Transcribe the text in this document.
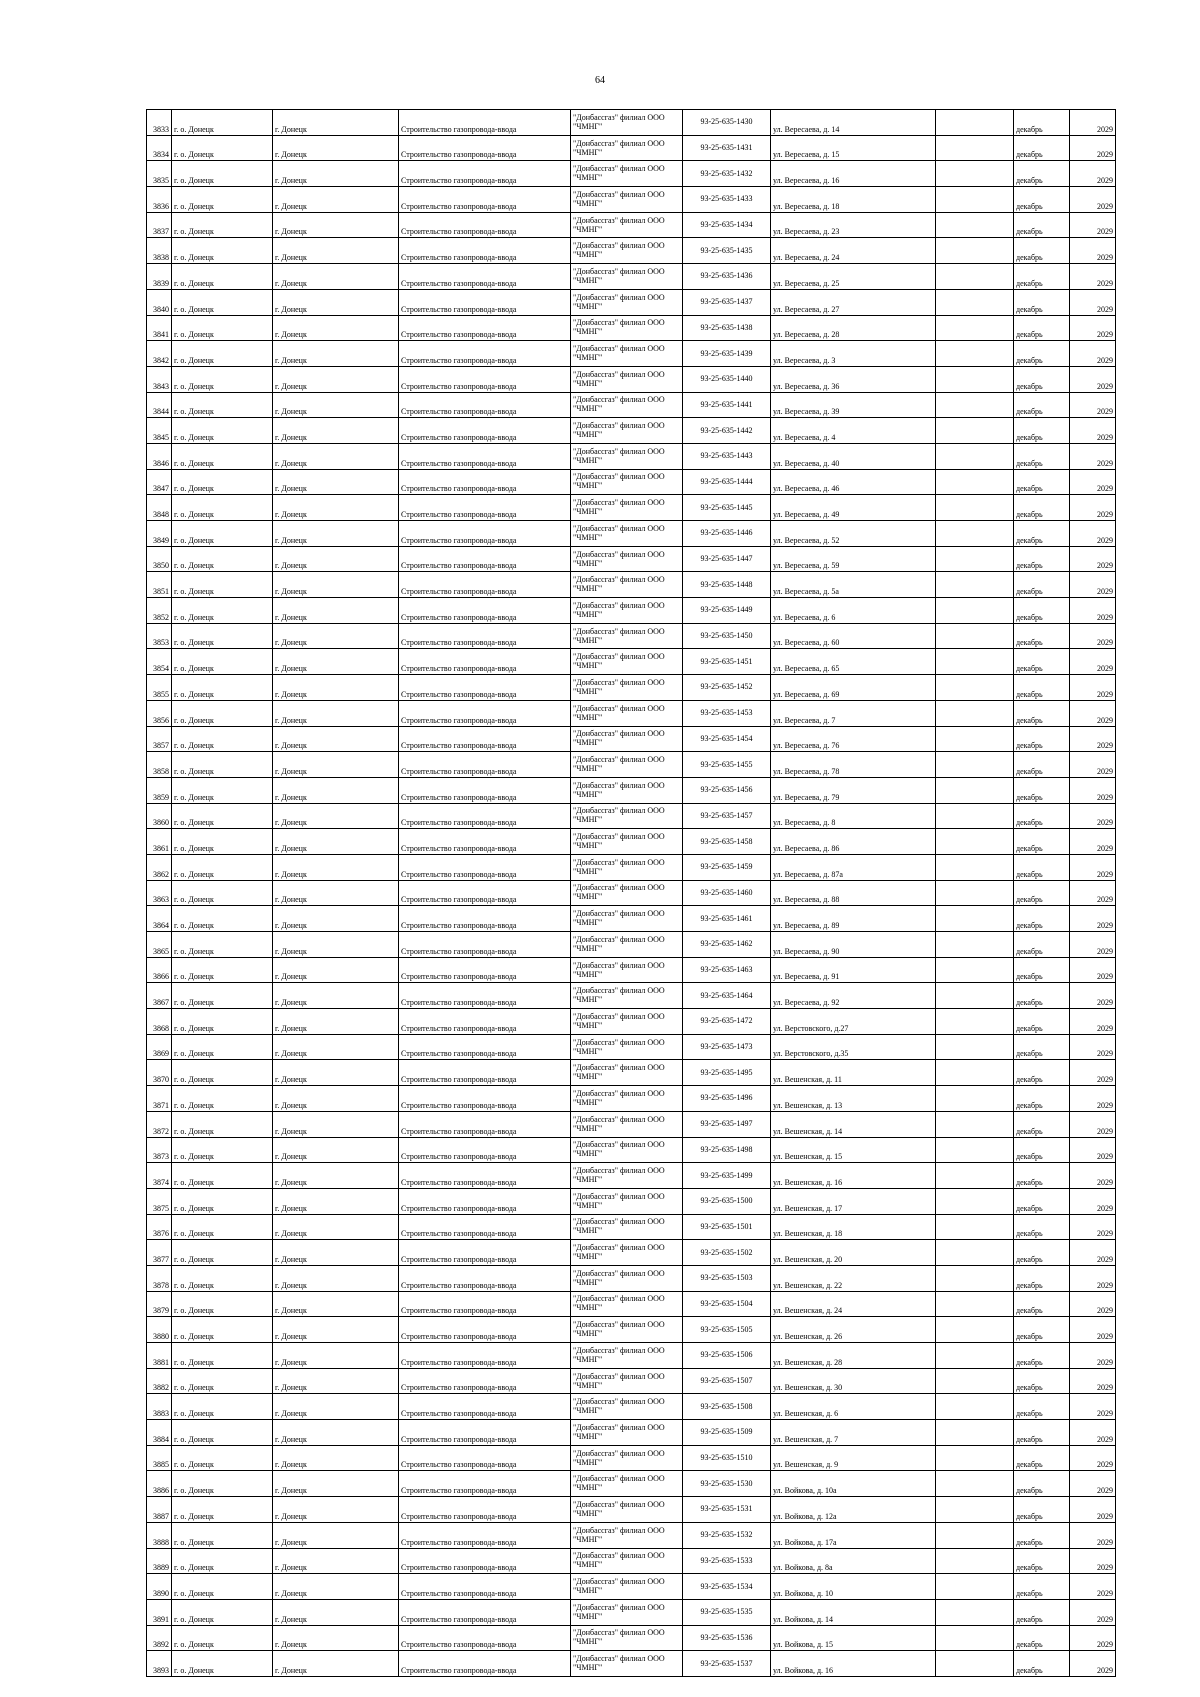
64
3833	г. о. Донецк	г. Донецк	Строительство газопровода-ввода	"Донбассгаз" филиал ООО
"ЧМНГ"	93-25-635-1430	ул. Вересаева, д. 14		декабрь	2029
3834	г. о. Донецк	г. Донецк	Строительство газопровода-ввода	"Донбассгаз" филиал ООО
"ЧМНГ"	93-25-635-1431	ул. Вересаева, д. 15		декабрь	2029
3835	г. о. Донецк	г. Донецк	Строительство газопровода-ввода	"Донбассгаз" филиал ООО
"ЧМНГ"	93-25-635-1432	ул. Вересаева, д. 16		декабрь	2029
3836	г. о. Донецк	г. Донецк	Строительство газопровода-ввода	"Донбассгаз" филиал ООО
"ЧМНГ"	93-25-635-1433	ул. Вересаева, д. 18		декабрь	2029
3837	г. о. Донецк	г. Донецк	Строительство газопровода-ввода	"Донбассгаз" филиал ООО
"ЧМНГ"	93-25-635-1434	ул. Вересаева, д. 23		декабрь	2029
3838	г. о. Донецк	г. Донецк	Строительство газопровода-ввода	"Донбассгаз" филиал ООО
"ЧМНГ"	93-25-635-1435	ул. Вересаева, д. 24		декабрь	2029
3839	г. о. Донецк	г. Донецк	Строительство газопровода-ввода	"Донбассгаз" филиал ООО
"ЧМНГ"	93-25-635-1436	ул. Вересаева, д. 25		декабрь	2029
3840	г. о. Донецк	г. Донецк	Строительство газопровода-ввода	"Донбассгаз" филиал ООО
"ЧМНГ"	93-25-635-1437	ул. Вересаева, д. 27		декабрь	2029
3841	г. о. Донецк	г. Донецк	Строительство газопровода-ввода	"Донбассгаз" филиал ООО
"ЧМНГ"	93-25-635-1438	ул. Вересаева, д. 28		декабрь	2029
3842	г. о. Донецк	г. Донецк	Строительство газопровода-ввода	"Донбассгаз" филиал ООО
"ЧМНГ"	93-25-635-1439	ул. Вересаева, д. 3		декабрь	2029
3843	г. о. Донецк	г. Донецк	Строительство газопровода-ввода	"Донбассгаз" филиал ООО
"ЧМНГ"	93-25-635-1440	ул. Вересаева, д. 36		декабрь	2029
3844	г. о. Донецк	г. Донецк	Строительство газопровода-ввода	"Донбассгаз" филиал ООО
"ЧМНГ"	93-25-635-1441	ул. Вересаева, д. 39		декабрь	2029
3845	г. о. Донецк	г. Донецк	Строительство газопровода-ввода	"Донбассгаз" филиал ООО
"ЧМНГ"	93-25-635-1442	ул. Вересаева, д. 4		декабрь	2029
3846	г. о. Донецк	г. Донецк	Строительство газопровода-ввода	"Донбассгаз" филиал ООО
"ЧМНГ"	93-25-635-1443	ул. Вересаева, д. 40		декабрь	2029
3847	г. о. Донецк	г. Донецк	Строительство газопровода-ввода	"Донбассгаз" филиал ООО
"ЧМНГ"	93-25-635-1444	ул. Вересаева, д. 46		декабрь	2029
3848	г. о. Донецк	г. Донецк	Строительство газопровода-ввода	"Донбассгаз" филиал ООО
"ЧМНГ"	93-25-635-1445	ул. Вересаева, д. 49		декабрь	2029
3849	г. о. Донецк	г. Донецк	Строительство газопровода-ввода	"Донбассгаз" филиал ООО
"ЧМНГ"	93-25-635-1446	ул. Вересаева, д. 52		декабрь	2029
3850	г. о. Донецк	г. Донецк	Строительство газопровода-ввода	"Донбассгаз" филиал ООО
"ЧМНГ"	93-25-635-1447	ул. Вересаева, д. 59		декабрь	2029
3851	г. о. Донецк	г. Донецк	Строительство газопровода-ввода	"Донбассгаз" филиал ООО
"ЧМНГ"	93-25-635-1448	ул. Вересаева, д. 5а		декабрь	2029
3852	г. о. Донецк	г. Донецк	Строительство газопровода-ввода	"Донбассгаз" филиал ООО
"ЧМНГ"	93-25-635-1449	ул. Вересаева, д. 6		декабрь	2029
3853	г. о. Донецк	г. Донецк	Строительство газопровода-ввода	"Донбассгаз" филиал ООО
"ЧМНГ"	93-25-635-1450	ул. Вересаева, д. 60		декабрь	2029
3854	г. о. Донецк	г. Донецк	Строительство газопровода-ввода	"Донбассгаз" филиал ООО
"ЧМНГ"	93-25-635-1451	ул. Вересаева, д. 65		декабрь	2029
3855	г. о. Донецк	г. Донецк	Строительство газопровода-ввода	"Донбассгаз" филиал ООО
"ЧМНГ"	93-25-635-1452	ул. Вересаева, д. 69		декабрь	2029
3856	г. о. Донецк	г. Донецк	Строительство газопровода-ввода	"Донбассгаз" филиал ООО
"ЧМНГ"	93-25-635-1453	ул. Вересаева, д. 7		декабрь	2029
3857	г. о. Донецк	г. Донецк	Строительство газопровода-ввода	"Донбассгаз" филиал ООО
"ЧМНГ"	93-25-635-1454	ул. Вересаева, д. 76		декабрь	2029
3858	г. о. Донецк	г. Донецк	Строительство газопровода-ввода	"Донбассгаз" филиал ООО
"ЧМНГ"	93-25-635-1455	ул. Вересаева, д. 78		декабрь	2029
3859	г. о. Донецк	г. Донецк	Строительство газопровода-ввода	"Донбассгаз" филиал ООО
"ЧМНГ"	93-25-635-1456	ул. Вересаева, д. 79		декабрь	2029
3860	г. о. Донецк	г. Донецк	Строительство газопровода-ввода	"Донбассгаз" филиал ООО
"ЧМНГ"	93-25-635-1457	ул. Вересаева, д. 8		декабрь	2029
3861	г. о. Донецк	г. Донецк	Строительство газопровода-ввода	"Донбассгаз" филиал ООО
"ЧМНГ"	93-25-635-1458	ул. Вересаева, д. 86		декабрь	2029
3862	г. о. Донецк	г. Донецк	Строительство газопровода-ввода	"Донбассгаз" филиал ООО
"ЧМНГ"	93-25-635-1459	ул. Вересаева, д. 87а		декабрь	2029
3863	г. о. Донецк	г. Донецк	Строительство газопровода-ввода	"Донбассгаз" филиал ООО
"ЧМНГ"	93-25-635-1460	ул. Вересаева, д. 88		декабрь	2029
3864	г. о. Донецк	г. Донецк	Строительство газопровода-ввода	"Донбассгаз" филиал ООО
"ЧМНГ"	93-25-635-1461	ул. Вересаева, д. 89		декабрь	2029
3865	г. о. Донецк	г. Донецк	Строительство газопровода-ввода	"Донбассгаз" филиал ООО
"ЧМНГ"	93-25-635-1462	ул. Вересаева, д. 90		декабрь	2029
3866	г. о. Донецк	г. Донецк	Строительство газопровода-ввода	"Донбассгаз" филиал ООО
"ЧМНГ"	93-25-635-1463	ул. Вересаева, д. 91		декабрь	2029
3867	г. о. Донецк	г. Донецк	Строительство газопровода-ввода	"Донбассгаз" филиал ООО
"ЧМНГ"	93-25-635-1464	ул. Вересаева, д. 92		декабрь	2029
3868	г. о. Донецк	г. Донецк	Строительство газопровода-ввода	"Донбассгаз" филиал ООО
"ЧМНГ"	93-25-635-1472	ул. Верстовского, д.27		декабрь	2029
3869	г. о. Донецк	г. Донецк	Строительство газопровода-ввода	"Донбассгаз" филиал ООО
"ЧМНГ"	93-25-635-1473	ул. Верстовского, д.35		декабрь	2029
3870	г. о. Донецк	г. Донецк	Строительство газопровода-ввода	"Донбассгаз" филиал ООО
"ЧМНГ"	93-25-635-1495	ул. Вешенская, д. 11		декабрь	2029
3871	г. о. Донецк	г. Донецк	Строительство газопровода-ввода	"Донбассгаз" филиал ООО
"ЧМНГ"	93-25-635-1496	ул. Вешенская, д. 13		декабрь	2029
3872	г. о. Донецк	г. Донецк	Строительство газопровода-ввода	"Донбассгаз" филиал ООО
"ЧМНГ"	93-25-635-1497	ул. Вешенская, д. 14		декабрь	2029
3873	г. о. Донецк	г. Донецк	Строительство газопровода-ввода	"Донбассгаз" филиал ООО
"ЧМНГ"	93-25-635-1498	ул. Вешенская, д. 15		декабрь	2029
3874	г. о. Донецк	г. Донецк	Строительство газопровода-ввода	"Донбассгаз" филиал ООО
"ЧМНГ"	93-25-635-1499	ул. Вешенская, д. 16		декабрь	2029
3875	г. о. Донецк	г. Донецк	Строительство газопровода-ввода	"Донбассгаз" филиал ООО
"ЧМНГ"	93-25-635-1500	ул. Вешенская, д. 17		декабрь	2029
3876	г. о. Донецк	г. Донецк	Строительство газопровода-ввода	"Донбассгаз" филиал ООО
"ЧМНГ"	93-25-635-1501	ул. Вешенская, д. 18		декабрь	2029
3877	г. о. Донецк	г. Донецк	Строительство газопровода-ввода	"Донбассгаз" филиал ООО
"ЧМНГ"	93-25-635-1502	ул. Вешенская, д. 20		декабрь	2029
3878	г. о. Донецк	г. Донецк	Строительство газопровода-ввода	"Донбассгаз" филиал ООО
"ЧМНГ"	93-25-635-1503	ул. Вешенская, д. 22		декабрь	2029
3879	г. о. Донецк	г. Донецк	Строительство газопровода-ввода	"Донбассгаз" филиал ООО
"ЧМНГ"	93-25-635-1504	ул. Вешенская, д. 24		декабрь	2029
3880	г. о. Донецк	г. Донецк	Строительство газопровода-ввода	"Донбассгаз" филиал ООО
"ЧМНГ"	93-25-635-1505	ул. Вешенская, д. 26		декабрь	2029
3881	г. о. Донецк	г. Донецк	Строительство газопровода-ввода	"Донбассгаз" филиал ООО
"ЧМНГ"	93-25-635-1506	ул. Вешенская, д. 28		декабрь	2029
3882	г. о. Донецк	г. Донецк	Строительство газопровода-ввода	"Донбассгаз" филиал ООО
"ЧМНГ"	93-25-635-1507	ул. Вешенская, д. 30		декабрь	2029
3883	г. о. Донецк	г. Донецк	Строительство газопровода-ввода	"Донбассгаз" филиал ООО
"ЧМНГ"	93-25-635-1508	ул. Вешенская, д. 6		декабрь	2029
3884	г. о. Донецк	г. Донецк	Строительство газопровода-ввода	"Донбассгаз" филиал ООО
"ЧМНГ"	93-25-635-1509	ул. Вешенская, д. 7		декабрь	2029
3885	г. о. Донецк	г. Донецк	Строительство газопровода-ввода	"Донбассгаз" филиал ООО
"ЧМНГ"	93-25-635-1510	ул. Вешенская, д. 9		декабрь	2029
3886	г. о. Донецк	г. Донецк	Строительство газопровода-ввода	"Донбассгаз" филиал ООО
"ЧМНГ"	93-25-635-1530	ул. Войкова, д. 10а		декабрь	2029
3887	г. о. Донецк	г. Донецк	Строительство газопровода-ввода	"Донбассгаз" филиал ООО
"ЧМНГ"	93-25-635-1531	ул. Войкова, д. 12а		декабрь	2029
3888	г. о. Донецк	г. Донецк	Строительство газопровода-ввода	"Донбассгаз" филиал ООО
"ЧМНГ"	93-25-635-1532	ул. Войкова, д. 17а		декабрь	2029
3889	г. о. Донецк	г. Донецк	Строительство газопровода-ввода	"Донбассгаз" филиал ООО
"ЧМНГ"	93-25-635-1533	ул. Войкова, д. 8а		декабрь	2029
3890	г. о. Донецк	г. Донецк	Строительство газопровода-ввода	"Донбассгаз" филиал ООО
"ЧМНГ"	93-25-635-1534	ул. Войкова, д. 10		декабрь	2029
3891	г. о. Донецк	г. Донецк	Строительство газопровода-ввода	"Донбассгаз" филиал ООО
"ЧМНГ"	93-25-635-1535	ул. Войкова, д. 14		декабрь	2029
3892	г. о. Донецк	г. Донецк	Строительство газопровода-ввода	"Донбассгаз" филиал ООО
"ЧМНГ"	93-25-635-1536	ул. Войкова, д. 15		декабрь	2029
3893	г. о. Донецк	г. Донецк	Строительство газопровода-ввода	"Донбассгаз" филиал ООО
"ЧМНГ"	93-25-635-1537	ул. Войкова, д. 16		декабрь	2029
